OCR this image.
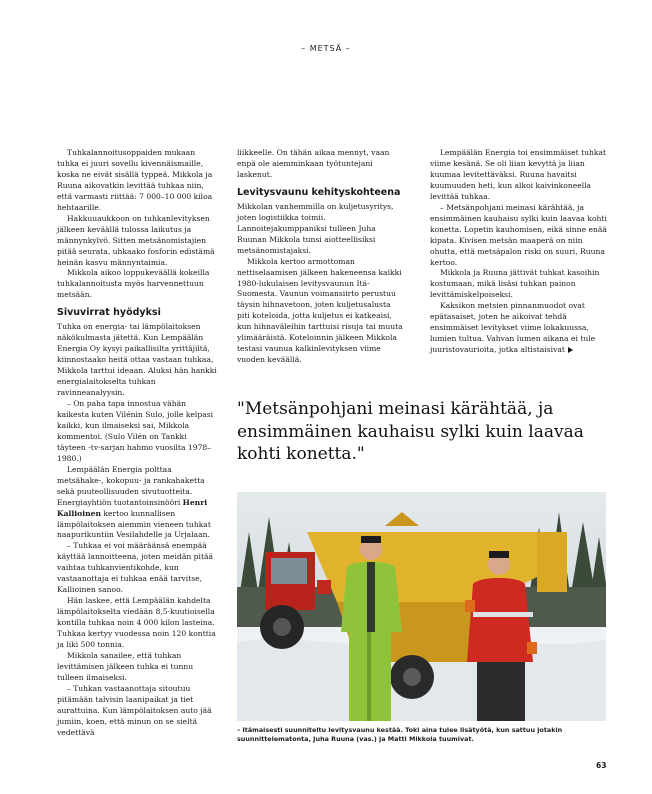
– METSÄ –

Tuhkalannoitusoppaiden mukaan tuhka ei juuri sovellu kivennäismaille, koska ne eivät sisällä typpeä. Mikkola ja Ruuna aikovatkin levittää tuhkaa niin, että varmasti riittää: 7 000–10 000 kiloa hehtaarille.

Hakkuuaukkoon on tuhkanlevityksen jälkeen keväällä tulossa laikutus ja männynkylvö. Sitten metsänomistajien pitää seurata, uhkaako fosforin edistämä heinän kasvu männyntaimia.

Mikkola aikoo loppukeväällä kokeilla tuhkalannoitusta myös harvennettuun metsään.

Sivuvirrat hyödyksi

Tuhka on energia- tai lämpölaitoksen näkökulmasta jätettä. Kun Lempäälän Energia Oy kysyi paikallisilta yrittäjiltä, kiinnostaako heitä ottaa vastaan tuhkaa, Mikkola tarttui ideaan. Aluksi hän hankki energialaitokselta tuhkan ravinneanalyysin.

– On paha tapa innostua vähän kaikesta kuten Vilénin Sulo, jolle kelpasi kaikki, kun ilmaiseksi sai, Mikkola kommentoi. (Sulo Vilén on Tankki täyteen -tv-sarjan hahmo vuosilta 1978–1980.)

Lempäälän Energia polttaa metsähake-, kokopuu- ja rankahaketta sekä puuteollisuuden sivutuotteita. Energiayhtiön tuotantoinsinööri Henri Kallioinen kertoo kunnallisen lämpölaitoksen aiemmin vieneen tuhkat naapurikuntiin Vesilahdelle ja Urjalaan.

– Tuhkaa ei voi määräänsä enempää käyttää lannoitteena, joten meidän pitää vaihtaa tuhkanvientikohde, kun vastaanottaja ei tuhkaa enää tarvitse, Kallioinen sanoo.

Hän laskee, että Lempäälän kahdelta lämpölaitokselta viedään 8,5-kuutioisella kontilla tuhkaa noin 4 000 kilon lasteina. Tuhkaa kertyy vuodessa noin 120 konttia ja liki 500 tonnia.

Mikkola sanailee, että tuhkan levittämisen jälkeen tuhka ei tunnu tulleen ilmaiseksi.

– Tuhkan vastaanottaja sitoutuu pitämään talvisin laanipaikat ja tiet aurattuina. Kun lämpölaitoksen auto jää jumiin, koen, että minun on se sieltä vedettävä

liikkeelle. On tähän aikaa mennyt, vaan enpä ole aiemminkaan työtuntejani laskenut.

Levitysvaunu kehityskohteena

Mikkolan vanhemmilla on kuljetusyritys, joten logistiikka toimii. Lannoitejakumppaniksi tulleen Juha Ruunan Mikkola tunsi aiotteellisiksi metsänomistajaksi.

Mikkola kertoo armottoman nettiselaamisen jälkeen hakeneensa kaikki 1980-lukulaisen levitysvaunun Itä-Suomesta. Vaunun voimansiirto perustuu täysin hihnavetoon, joten kuljetusalusta piti koteloida, jotta kuljetus ei katkeaisi, kun hihnaväleihin tarttuisi risuja tai muuta ylimääräistä. Koteloinnin jälkeen Mikkola testasi vaunua kalkinlevityksen viime vuoden keväällä.

Lempäälän Energia toi ensimmäiset tuhkat viime kesänä. Se oli liian kevyttä ja liian kuumaa levitettäväksi. Ruuna havaitsi kuumuuden heti, kun alkoi kaivinkoneella levittää tuhkaa.

– Metsänpohjani meinasi kärähtää, ja ensimmäinen kauhaisu sylki kuin laavaa kohti konetta. Lopetin kauhomisen, eikä sinne enää kipata. Kivisen metsän maaperä on niin ohutta, että metsäpalon riski on suuri, Ruuna kertoo.

Mikkola ja Ruuna jättivät tuhkat kasoihin kostumaan, mikä lisäsi tuhkan painon levittämiskelpoiseksi.

Kaksikon metsien pinnanmuodot ovat epätasaiset, joten he aikoivat tehdä ensimmäiset levitykset viime lokakuussa, lumien tultua. Vahvan lumen aikana ei tule juuristovaurioita, jotka altistaisivat

"Metsänpohjani meinasi kärähtää, ja ensimmäinen kauhaisu sylki kuin laavaa kohti konetta."
– Itämaisesti suunniteltu levitysvaunu kestää. Toki aina tulee lisätyötä, kun sattuu jotakin suunnittelematonta, Juha Ruuna (vas.) ja Matti Mikkola tuumivat.
63
